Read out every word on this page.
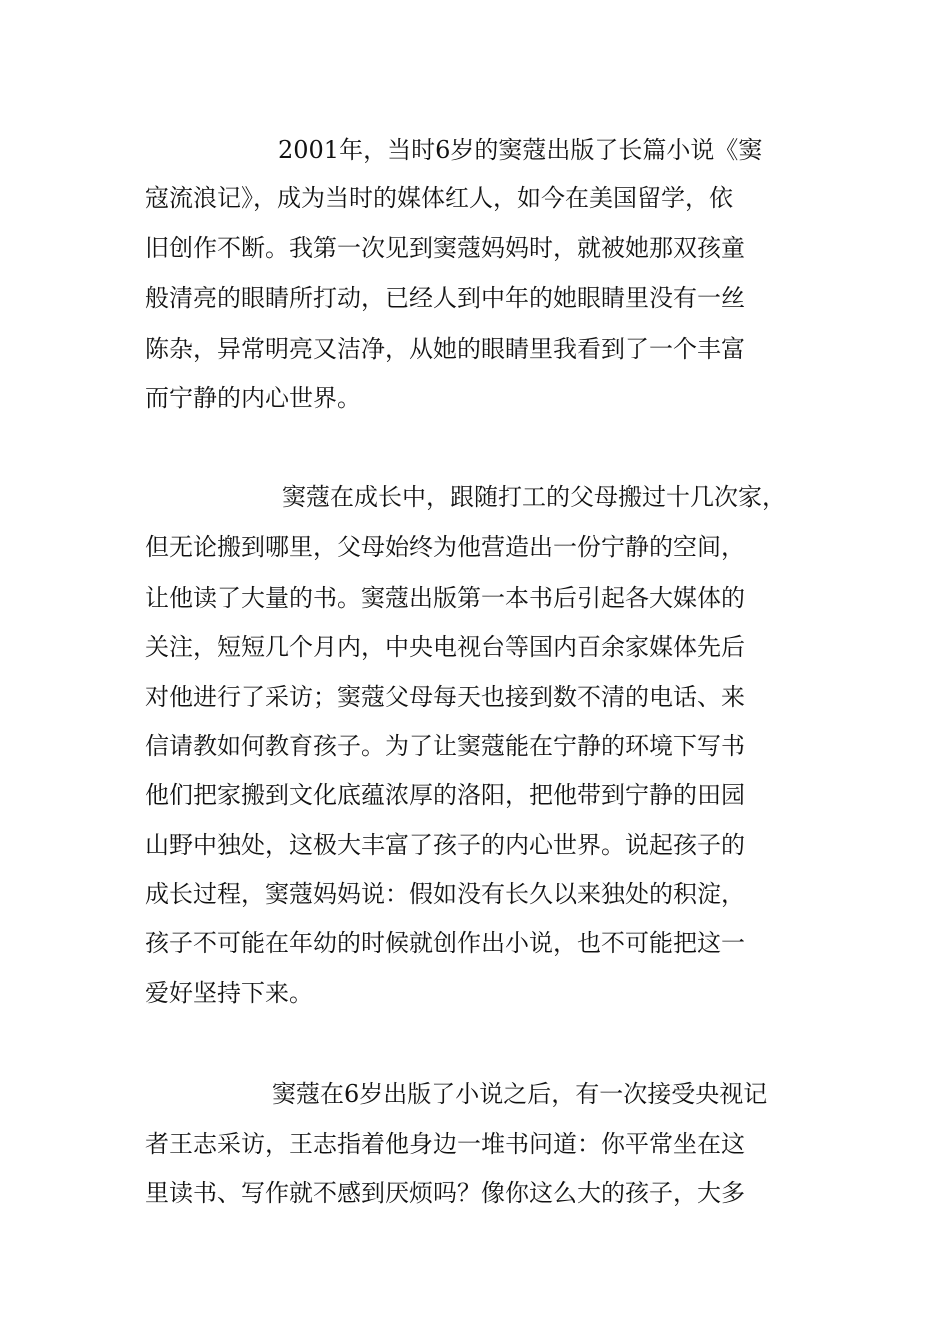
2001年，当时6岁的窦蔻出版了长篇小说《窦

寇流浪记》，成为当时的媒体红人，如今在美国留学，依

旧创作不断。我第一次见到窦蔻妈妈时，就被她那双孩童

般清亮的眼睛所打动，已经人到中年的她眼睛里没有一丝

陈杂，异常明亮又洁净，从她的眼睛里我看到了一个丰富

而宁静的内心世界。

窦蔻在成长中，跟随打工的父母搬过十几次家，

但无论搬到哪里，父母始终为他营造出一份宁静的空间，

让他读了大量的书。窦蔻出版第一本书后引起各大媒体的

关注，短短几个月内，中央电视台等国内百余家媒体先后

对他进行了采访；窦蔻父母每天也接到数不清的电话、来

信请教如何教育孩子。为了让窦蔻能在宁静的环境下写书

他们把家搬到文化底蕴浓厚的洛阳，把他带到宁静的田园

山野中独处，这极大丰富了孩子的内心世界。说起孩子的

成长过程，窦蔻妈妈说：假如没有长久以来独处的积淀，

孩子不可能在年幼的时候就创作出小说，也不可能把这一

爱好坚持下来。

窦蔻在6岁出版了小说之后，有一次接受央视记

者王志采访，王志指着他身边一堆书问道：你平常坐在这

里读书、写作就不感到厌烦吗？像你这么大的孩子，大多
